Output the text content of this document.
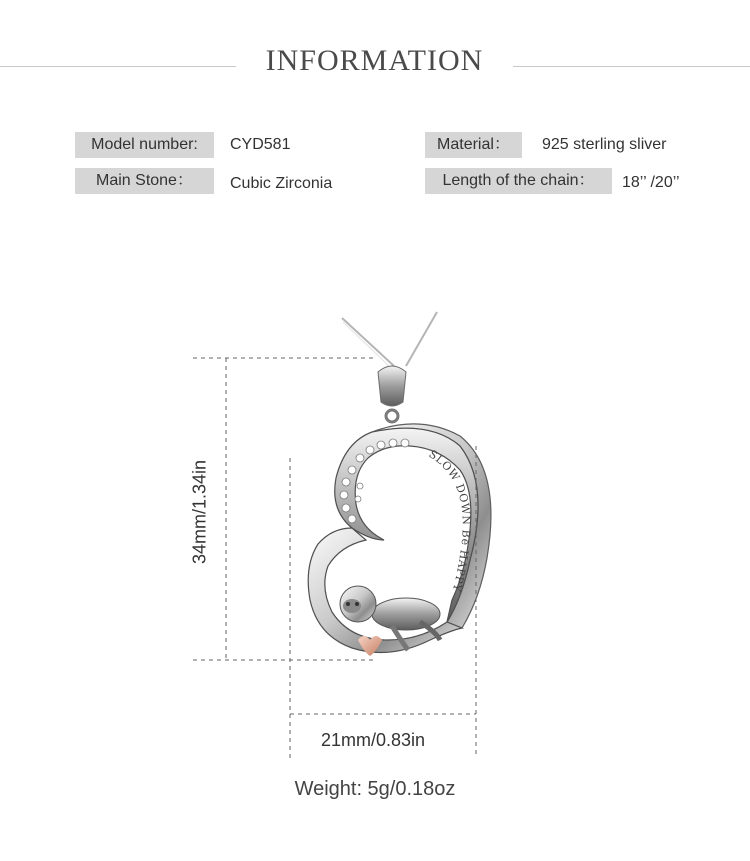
INFORMATION
Model number:	CYD581	Material：	925 sterling sliver
Main Stone：	Cubic Zirconia	Length of the chain：	18’’ /20’’
SLOW DOWN Be HAPPY
34mm/1.34in
21mm/0.83in
Weight: 5g/0.18oz
